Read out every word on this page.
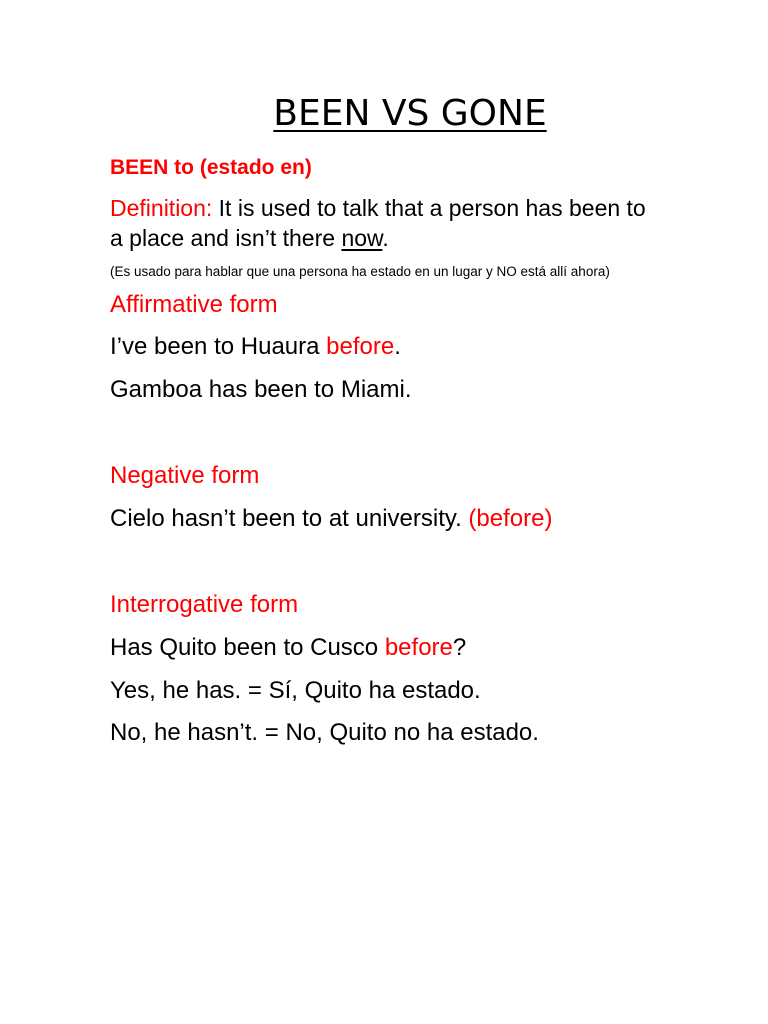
BEEN VS GONE
BEEN to (estado en)
Definition: It is used to talk that a person has been to
a place and isn’t there now.
(Es usado para hablar que una persona ha estado en un lugar y NO está allí ahora)
Affirmative form
I’ve been to Huaura before.
Gamboa has been to Miami.
Negative form
Cielo hasn’t been to at university. (before)
Interrogative form
Has Quito been to Cusco before?
Yes, he has. = Sí, Quito ha estado.
No, he hasn’t. = No, Quito no ha estado.
